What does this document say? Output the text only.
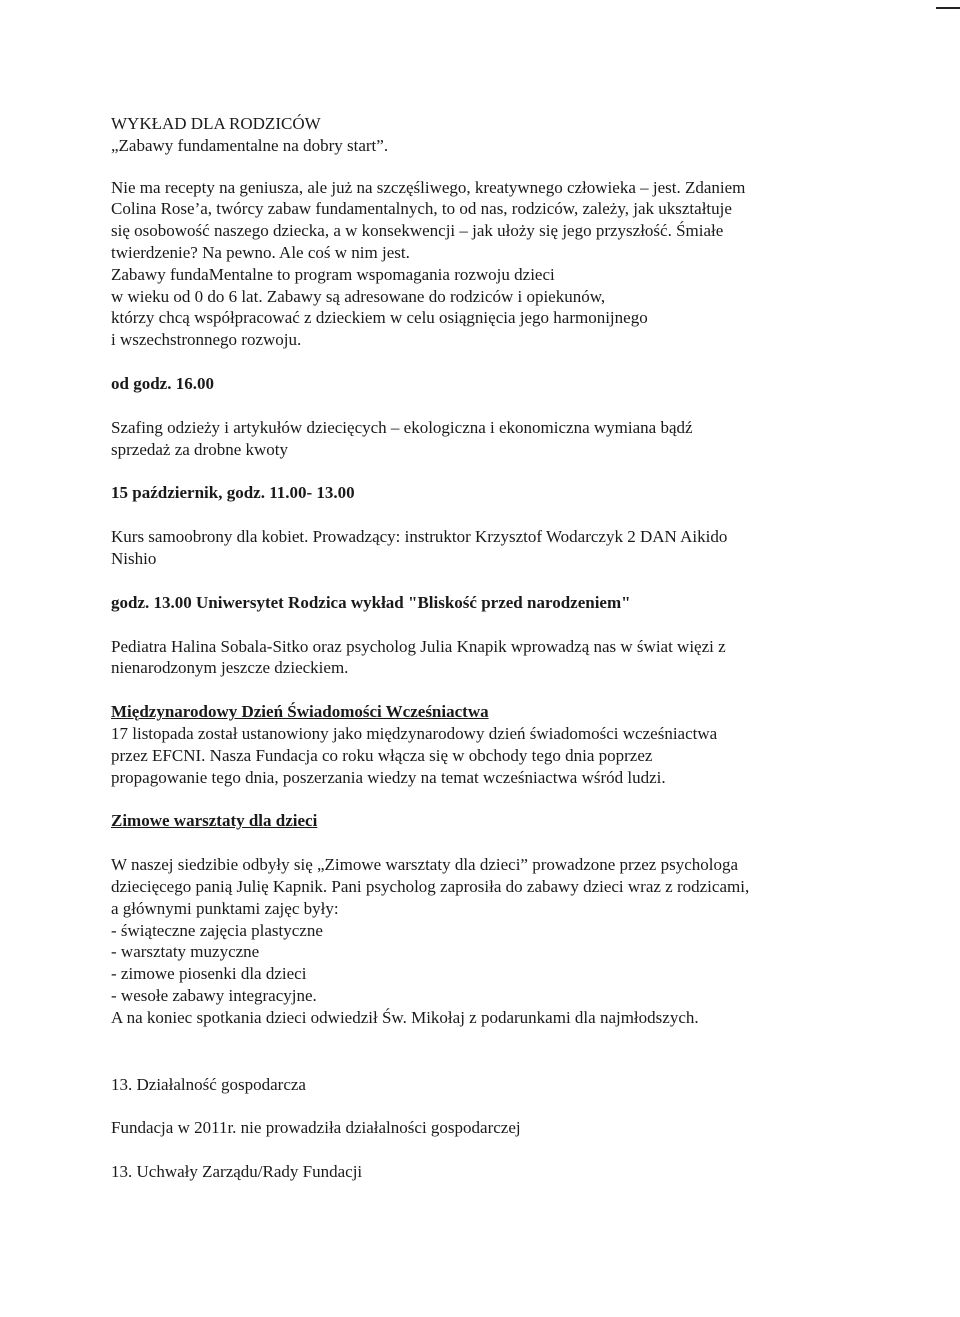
WYKŁAD DLA RODZICÓW
„Zabawy fundamentalne na dobry start”.
Nie ma recepty na geniusza, ale już na szczęśliwego, kreatywnego człowieka – jest. Zdaniem
Colina Rose’a, twórcy zabaw fundamentalnych, to od nas, rodziców, zależy, jak ukształtuje
się osobowość naszego dziecka, a w konsekwencji – jak ułoży się jego przyszłość. Śmiałe
twierdzenie? Na pewno. Ale coś w nim jest.
Zabawy fundaMentalne to program wspomagania rozwoju dzieci
w wieku od 0 do 6 lat. Zabawy są adresowane do rodziców i opiekunów,
którzy chcą współpracować z dzieckiem w celu osiągnięcia jego harmonijnego
i wszechstronnego rozwoju.
od godz. 16.00
Szafing odzieży i artykułów dziecięcych – ekologiczna i ekonomiczna wymiana bądź
sprzedaż za drobne kwoty
15 październik, godz. 11.00- 13.00
Kurs samoobrony dla kobiet. Prowadzący: instruktor Krzysztof Wodarczyk 2 DAN Aikido
Nishio
godz. 13.00 Uniwersytet Rodzica wykład "Bliskość przed narodzeniem"
Pediatra Halina Sobala-Sitko oraz psycholog Julia Knapik wprowadzą nas w świat więzi z
nienarodzonym jeszcze dzieckiem.
Międzynarodowy Dzień Świadomości Wcześniactwa
17 listopada został ustanowiony jako międzynarodowy dzień świadomości wcześniactwa
przez EFCNI. Nasza Fundacja co roku włącza się w obchody tego dnia poprzez
propagowanie tego dnia, poszerzania wiedzy na temat wcześniactwa wśród ludzi.
Zimowe warsztaty dla dzieci
W naszej siedzibie odbyły się „Zimowe warsztaty dla dzieci” prowadzone przez psychologa
dziecięcego panią Julię Kapnik. Pani psycholog zaprosiła do zabawy dzieci wraz z rodzicami,
a głównymi punktami zajęc były:
- świąteczne zajęcia plastyczne
- warsztaty muzyczne
- zimowe piosenki dla dzieci
- wesołe zabawy integracyjne.
A na koniec spotkania dzieci odwiedził Św. Mikołaj z podarunkami dla najmłodszych.
13. Działalność gospodarcza
Fundacja w 2011r. nie prowadziła działalności gospodarczej
13. Uchwały Zarządu/Rady Fundacji
